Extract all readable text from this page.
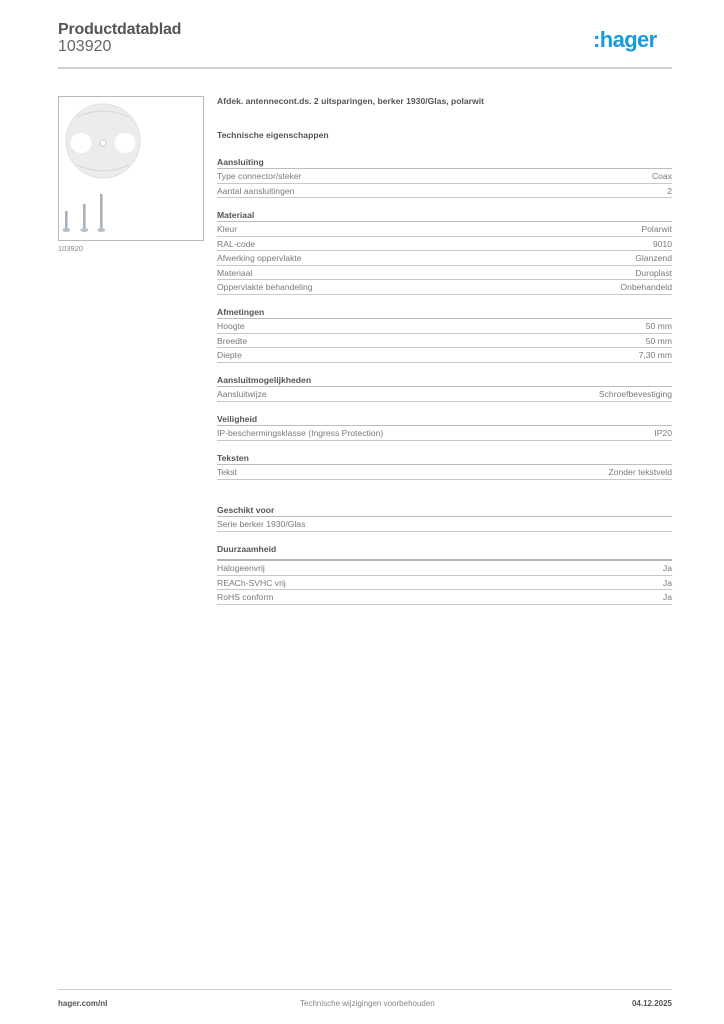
Productdatablad
103920	:hager
103920
Afdek. antennecont.ds. 2 uitsparingen, berker 1930/Glas, polarwit
Technische eigenschappen
Aansluiting
Type connector/steker	Coax
Aantal aansluitingen	2
Materiaal
Kleur	Polarwit
RAL-code	9010
Afwerking oppervlakte	Glanzend
Materiaal	Duroplast
Oppervlakte behandeling	Onbehandeld
Afmetingen
Hoogte	50 mm
Breedte	50 mm
Diepte	7,30 mm
Aansluitmogelijkheden
Aansluitwijze	Schroefbevestiging
Veiligheid
IP-beschermingsklasse (Ingress Protection)	IP20
Teksten
Tekst	Zonder tekstveld
Geschikt voor
Serie berker 1930/Glas
Duurzaamheid
Halogeenvrij	Ja
REACh-SVHC vrij	Ja
RoHS conform	Ja
hager.com/nl	Technische wijzigingen voorbehouden	04.12.2025
